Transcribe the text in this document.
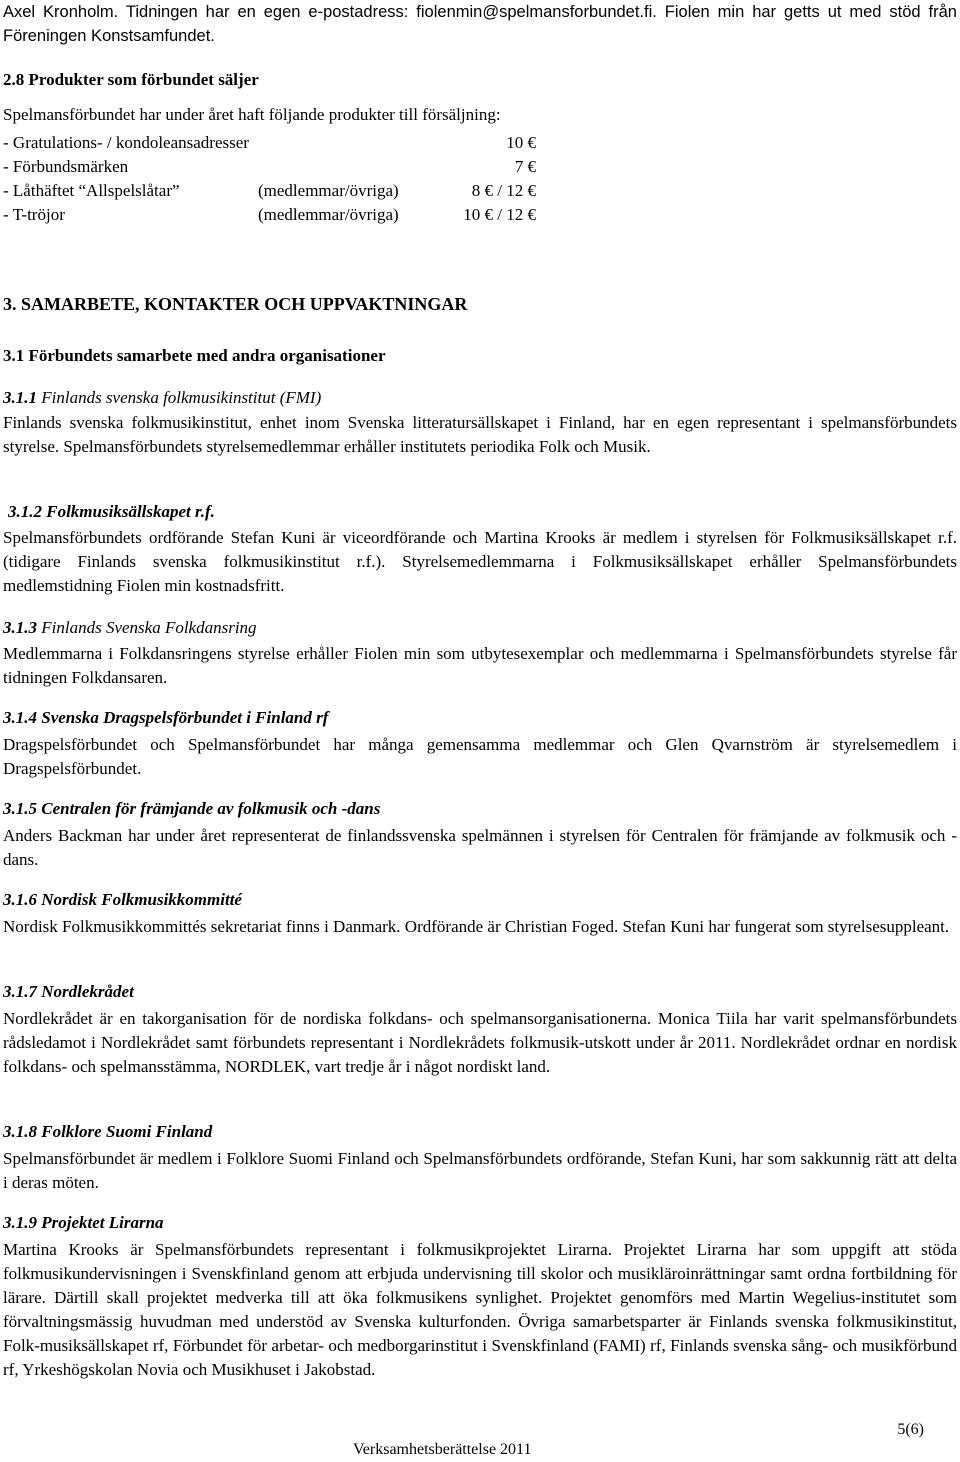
Axel Kronholm. Tidningen har en egen e-postadress: fiolenmin@spelmansforbundet.fi. Fiolen min har getts ut med stöd från Föreningen Konstsamfundet.
2.8 Produkter som förbundet säljer
Spelmansförbundet har under året haft följande produkter till försäljning:
- Gratulations- / kondoleansadresser	10 €
- Förbundsmärken	7 €
- Låthäftet “Allspelslåtar”	(medlemmar/övriga)	8 € / 12 €
- T-tröjor	(medlemmar/övriga)	10 € / 12 €
3. SAMARBETE, KONTAKTER OCH UPPVAKTNINGAR
3.1 Förbundets samarbete med andra organisationer
3.1.1 Finlands svenska folkmusikinstitut (FMI)
Finlands svenska folkmusikinstitut, enhet inom Svenska litteratursällskapet i Finland, har en egen representant i spelmansförbundets styrelse. Spelmansförbundets styrelsemedlemmar erhåller institutets periodika Folk och Musik.
3.1.2 Folkmusiksällskapet r.f.
Spelmansförbundets ordförande Stefan Kuni är viceordförande och Martina Krooks är medlem i styrelsen för Folkmusiksällskapet r.f. (tidigare Finlands svenska folkmusikinstitut r.f.). Styrelsemedlemmarna i Folkmusiksällskapet erhåller Spelmansförbundets medlemstidning Fiolen min kostnadsfritt.
3.1.3 Finlands Svenska Folkdansring
Medlemmarna i Folkdansringens styrelse erhåller Fiolen min som utbytesexemplar och medlemmarna i Spelmansförbundets styrelse får tidningen Folkdansaren.
3.1.4 Svenska Dragspelsförbundet i Finland rf
Dragspelsförbundet och Spelmansförbundet har många gemensamma medlemmar och Glen Qvarnström är styrelsemedlem i Dragspelsförbundet.
3.1.5 Centralen för främjande av folkmusik och -dans
Anders Backman har under året representerat de finlandssvenska spelmännen i styrelsen för Centralen för främjande av folkmusik och -dans.
3.1.6 Nordisk Folkmusikkommitté
Nordisk Folkmusikkommittés sekretariat finns i Danmark. Ordförande är Christian Foged. Stefan Kuni har fungerat som styrelsesuppleant.
3.1.7 Nordlekrådet
Nordlekrådet är en takorganisation för de nordiska folkdans- och spelmansorganisationerna. Monica Tiila har varit spelmansförbundets rådsledamot i Nordlekrådet samt förbundets representant i Nordlekrådets folkmusik-utskott under år 2011. Nordlekrådet ordnar en nordisk folkdans- och spelmansstämma, NORDLEK, vart tredje år i något nordiskt land.
3.1.8 Folklore Suomi Finland
Spelmansförbundet är medlem i Folklore Suomi Finland och Spelmansförbundets ordförande, Stefan Kuni, har som sakkunnig rätt att delta i deras möten.
3.1.9 Projektet Lirarna
Martina Krooks är Spelmansförbundets representant i folkmusikprojektet Lirarna. Projektet Lirarna har som uppgift att stöda folkmusikundervisningen i Svenskfinland genom att erbjuda undervisning till skolor och musikläroinrättningar samt ordna fortbildning för lärare. Därtill skall projektet medverka till att öka folkmusikens synlighet. Projektet genomförs med Martin Wegelius-institutet som förvaltningsmässig huvudman med understöd av Svenska kulturfonden. Övriga samarbetsparter är Finlands svenska folkmusikinstitut, Folk-musiksällskapet rf, Förbundet för arbetar- och medborgarinstitut i Svenskfinland (FAMI) rf, Finlands svenska sång- och musikförbund rf, Yrkeshögskolan Novia och Musikhuset i Jakobstad.
5(6)
Verksamhetsberättelse 2011
